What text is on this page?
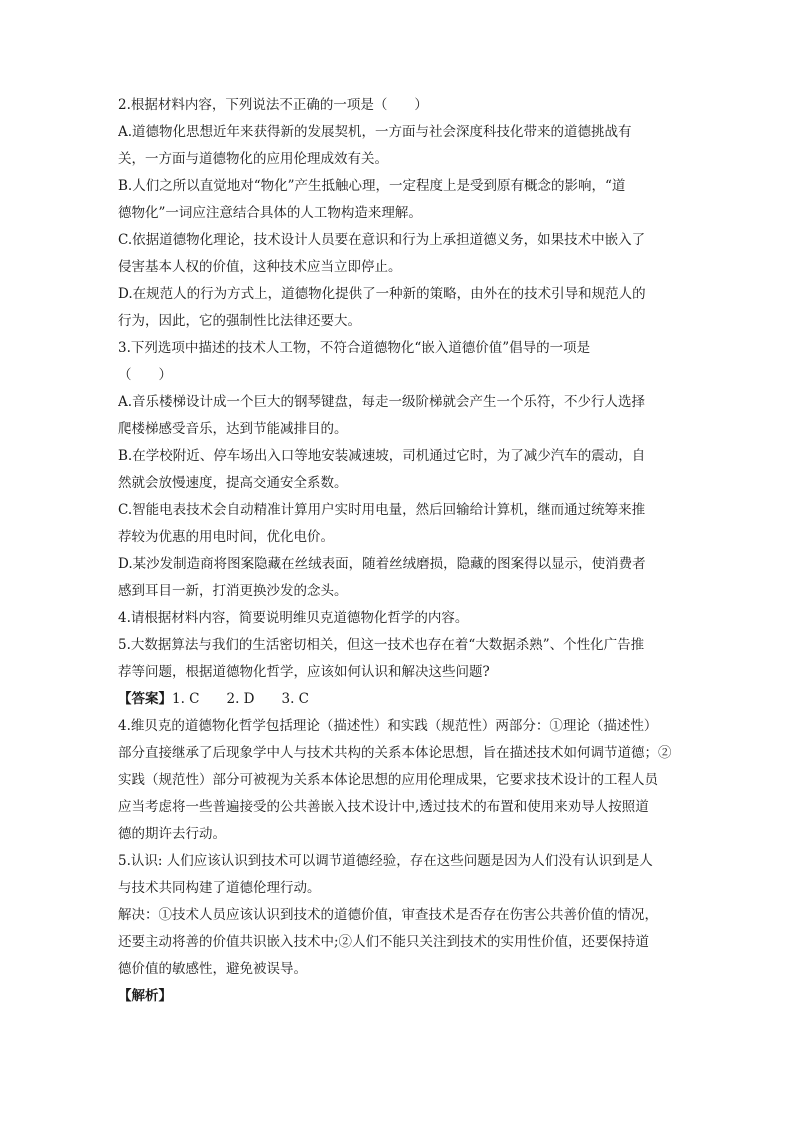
2.根据材料内容，下列说法不正确的一项是（　　）
A.道德物化思想近年来获得新的发展契机，一方面与社会深度科技化带来的道德挑战有
关，一方面与道德物化的应用伦理成效有关。
B.人们之所以直觉地对“物化”产生抵触心理，一定程度上是受到原有概念的影响，“道
德物化”一词应注意结合具体的人工物构造来理解。
C.依据道德物化理论，技术设计人员要在意识和行为上承担道德义务，如果技术中嵌入了
侵害基本人权的价值，这种技术应当立即停止。
D.在规范人的行为方式上，道德物化提供了一种新的策略，由外在的技术引导和规范人的
行为，因此，它的强制性比法律还要大。
3.下列选项中描述的技术人工物，不符合道德物化“嵌入道德价值”倡导的一项是
（　　）
A.音乐楼梯设计成一个巨大的钢琴键盘，每走一级阶梯就会产生一个乐符，不少行人选择
爬楼梯感受音乐，达到节能减排目的。
B.在学校附近、停车场出入口等地安装减速坡，司机通过它时，为了减少汽车的震动，自
然就会放慢速度，提高交通安全系数。
C.智能电表技术会自动精准计算用户实时用电量，然后回输给计算机，继而通过统筹来推
荐较为优惠的用电时间，优化电价。
D.某沙发制造商将图案隐藏在丝绒表面，随着丝绒磨损，隐藏的图案得以显示，使消费者
感到耳目一新，打消更换沙发的念头。
4.请根据材料内容，简要说明维贝克道德物化哲学的内容。
5.大数据算法与我们的生活密切相关，但这一技术也存在着“大数据杀熟”、个性化广告推
荐等问题，根据道德物化哲学，应该如何认识和解决这些问题?
【答案】1. C　　2. D　　3. C
4.维贝克的道德物化哲学包括理论（描述性）和实践（规范性）两部分：①理论（描述性）
部分直接继承了后现象学中人与技术共构的关系本体论思想，旨在描述技术如何调节道德；②
实践（规范性）部分可被视为关系本体论思想的应用伦理成果，它要求技术设计的工程人员
应当考虑将一些普遍接受的公共善嵌入技术设计中,透过技术的布置和使用来劝导人按照道
德的期许去行动。
5.认识: 人们应该认识到技术可以调节道德经验，存在这些问题是因为人们没有认识到是人
与技术共同构建了道德伦理行动。
解决：①技术人员应该认识到技术的道德价值，审查技术是否存在伤害公共善价值的情况，
还要主动将善的价值共识嵌入技术中;②人们不能只关注到技术的实用性价值，还要保持道
德价值的敏感性，避免被误导。
【解析】
